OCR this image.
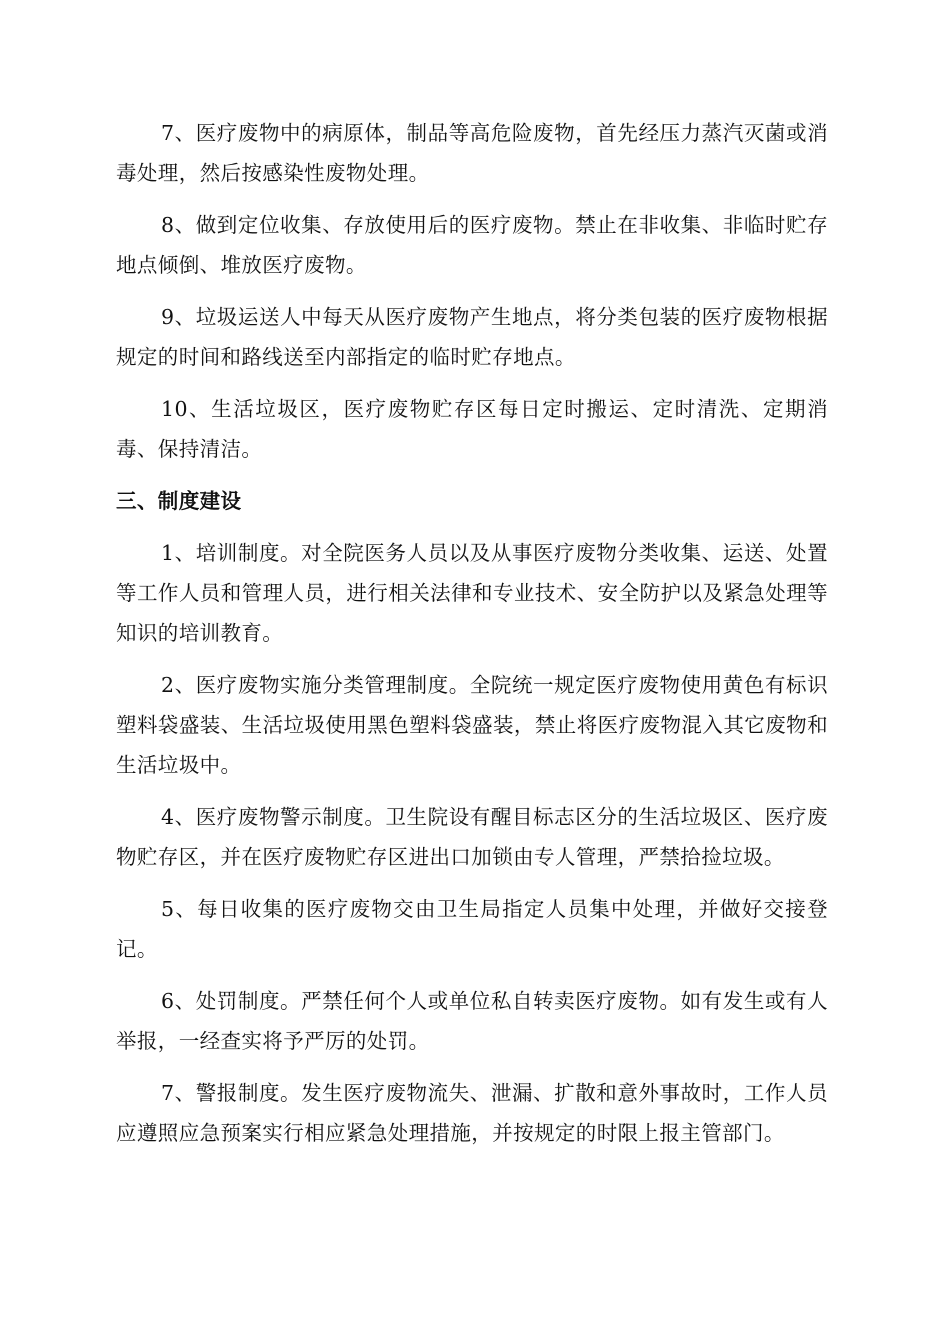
7、医疗废物中的病原体，制品等高危险废物，首先经压力蒸汽灭菌或消毒处理，然后按感染性废物处理。

8、做到定位收集、存放使用后的医疗废物。禁止在非收集、非临时贮存地点倾倒、堆放医疗废物。

9、垃圾运送人中每天从医疗废物产生地点，将分类包装的医疗废物根据规定的时间和路线送至内部指定的临时贮存地点。

10、生活垃圾区，医疗废物贮存区每日定时搬运、定时清洗、定期消毒、保持清洁。

三、制度建设

1、培训制度。对全院医务人员以及从事医疗废物分类收集、运送、处置等工作人员和管理人员，进行相关法律和专业技术、安全防护以及紧急处理等知识的培训教育。

2、医疗废物实施分类管理制度。全院统一规定医疗废物使用黄色有标识塑料袋盛装、生活垃圾使用黑色塑料袋盛装，禁止将医疗废物混入其它废物和生活垃圾中。

4、医疗废物警示制度。卫生院设有醒目标志区分的生活垃圾区、医疗废物贮存区，并在医疗废物贮存区进出口加锁由专人管理，严禁拾捡垃圾。

5、每日收集的医疗废物交由卫生局指定人员集中处理，并做好交接登记。

6、处罚制度。严禁任何个人或单位私自转卖医疗废物。如有发生或有人举报，一经查实将予严厉的处罚。

7、警报制度。发生医疗废物流失、泄漏、扩散和意外事故时，工作人员应遵照应急预案实行相应紧急处理措施，并按规定的时限上报主管部门。
